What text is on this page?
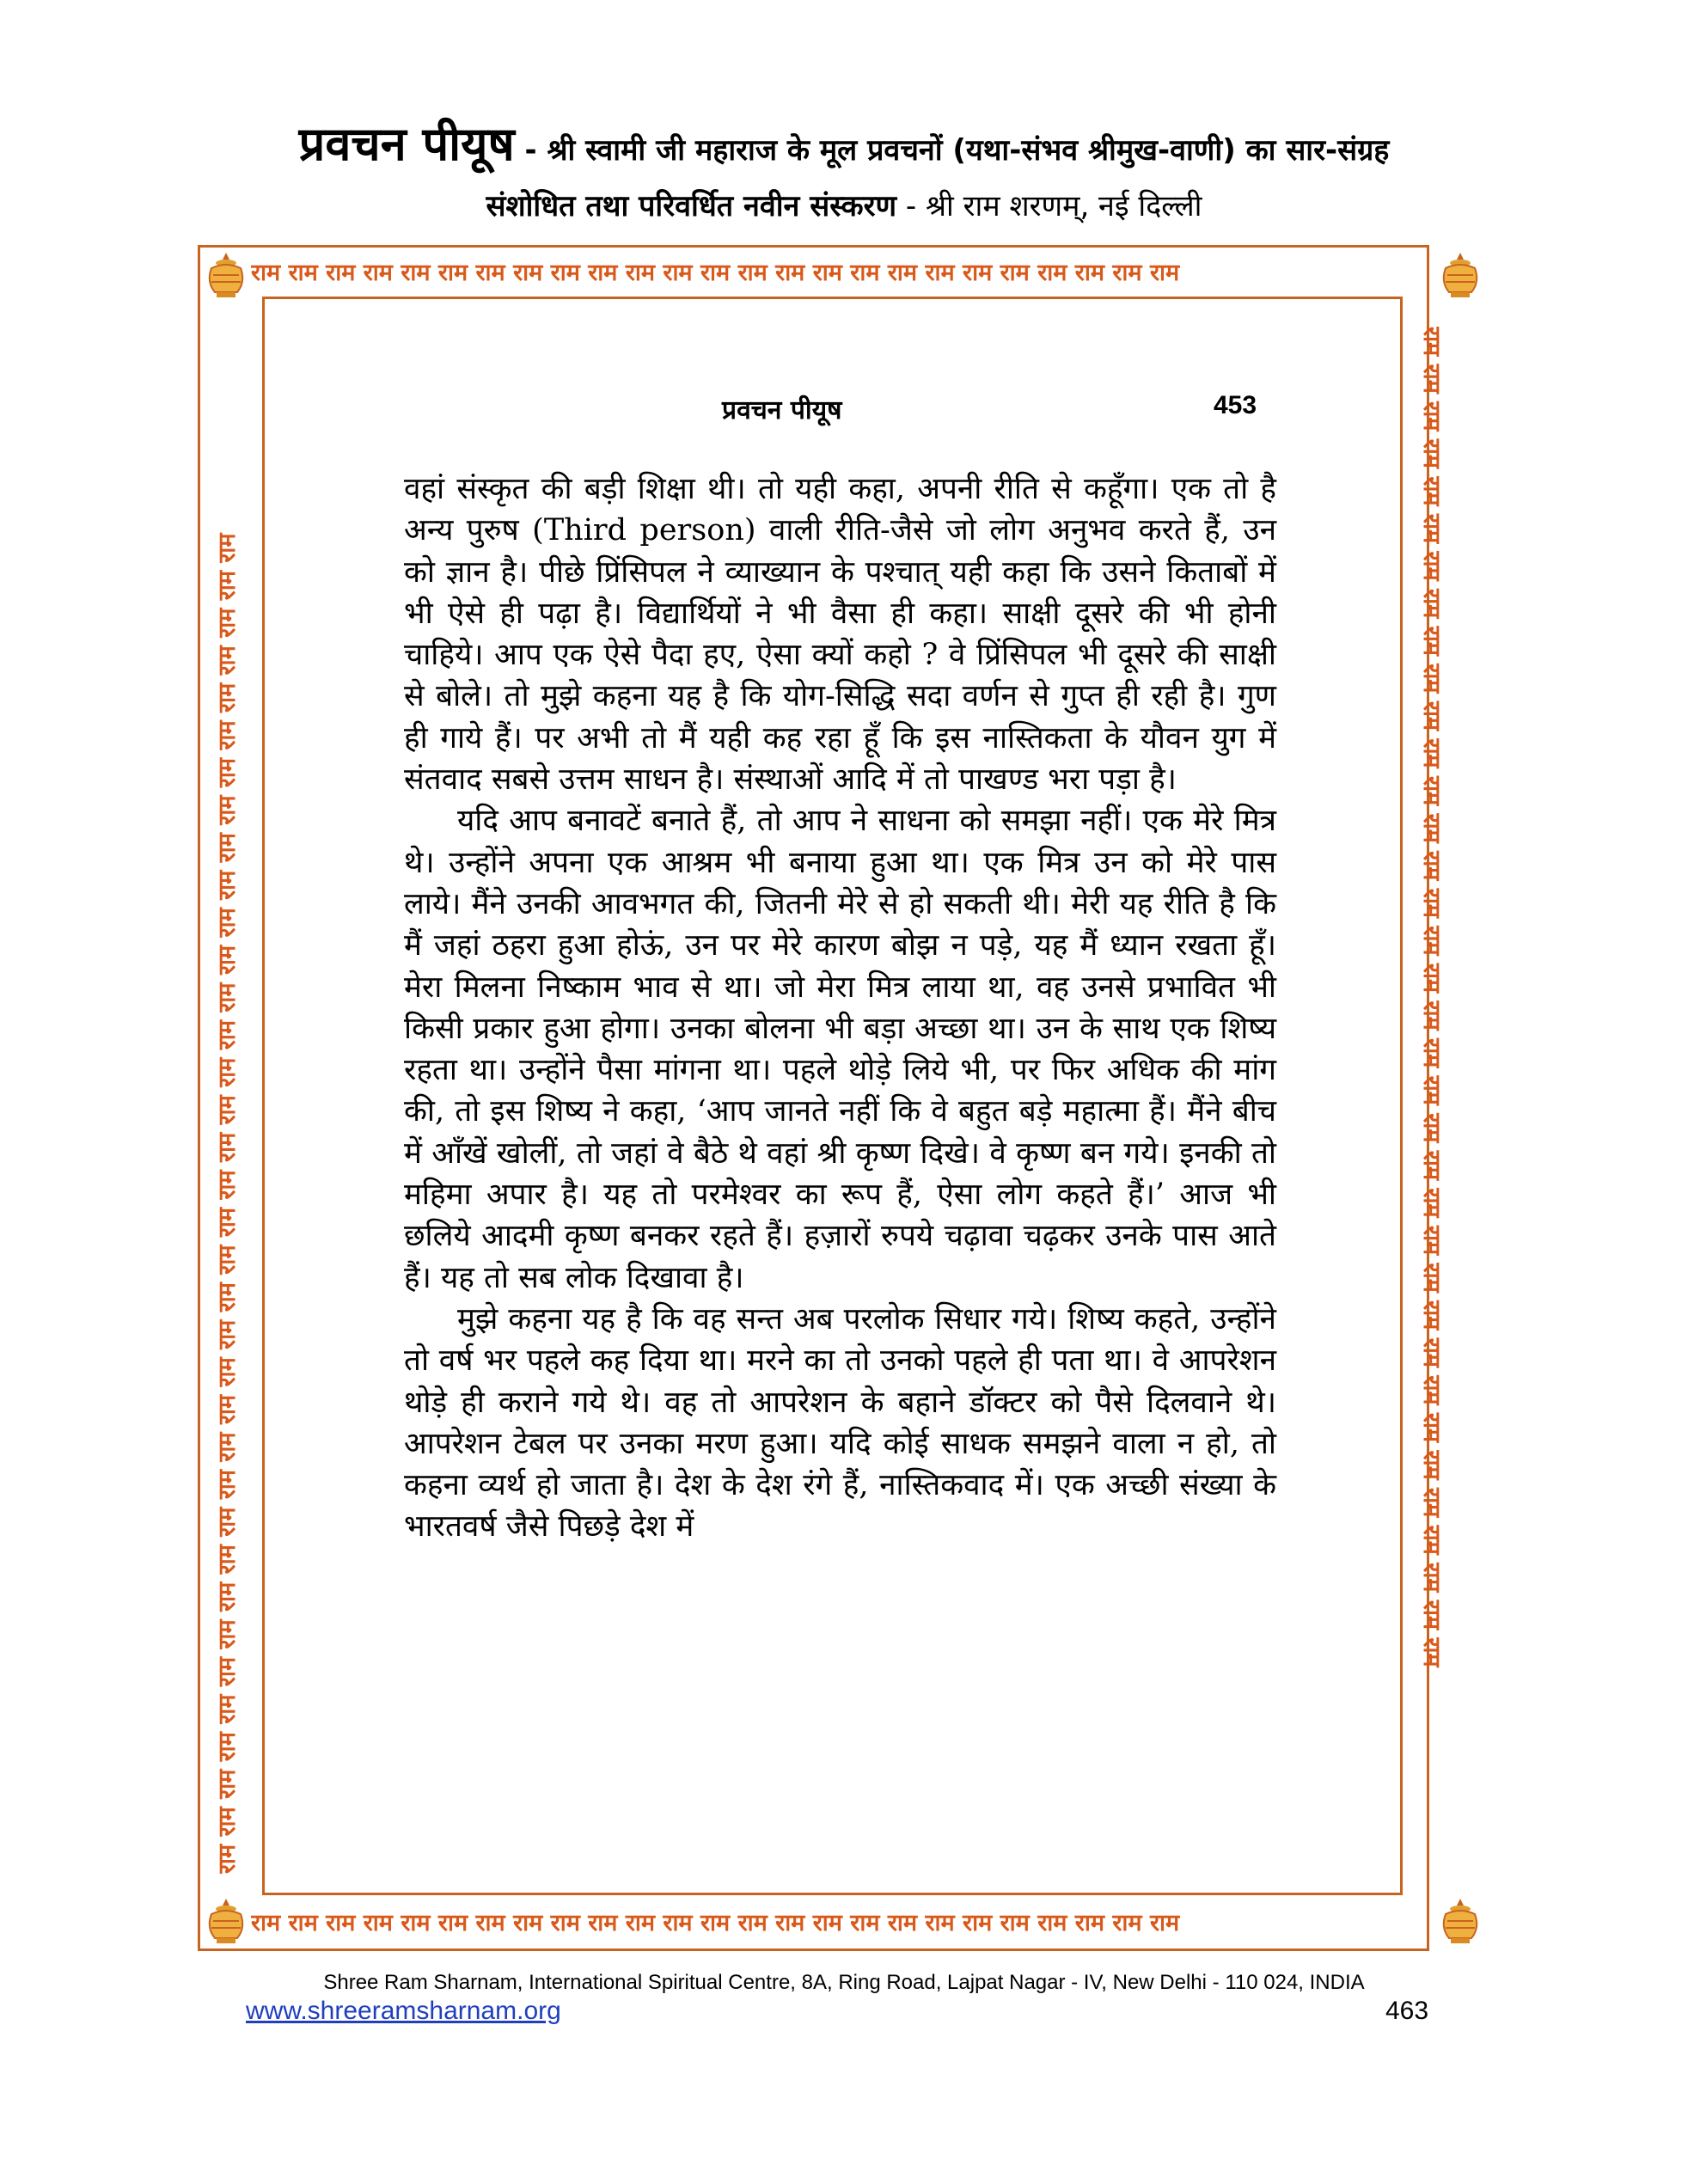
प्रवचन पीयूष - श्री स्वामी जी महाराज के मूल प्रवचनों (यथा-संभव श्रीमुख-वाणी) का सार-संग्रह
संशोधित तथा परिवर्धित नवीन संस्करण - श्री राम शरणम्, नई दिल्ली
राम राम राम राम राम राम राम राम राम राम राम राम राम राम राम राम राम राम राम राम राम राम राम राम राम
राम राम राम राम राम राम राम राम राम राम राम राम राम राम राम राम राम राम राम राम राम राम राम राम राम
राम राम राम राम राम राम राम राम राम राम राम राम राम राम राम राम राम राम राम राम राम राम राम राम राम राम राम राम राम राम राम राम राम राम राम राम	राम राम राम राम राम राम राम राम राम राम राम राम राम राम राम राम राम राम राम राम राम राम राम राम राम राम राम राम राम राम राम राम राम राम राम राम
प्रवचन पीयूष	453

वहां संस्कृत की बड़ी शिक्षा थी। तो यही कहा, अपनी रीति से कहूँगा। एक तो है अन्य पुरुष (Third person) वाली रीति-जैसे जो लोग अनुभव करते हैं, उन को ज्ञान है। पीछे प्रिंसिपल ने व्याख्यान के पश्चात् यही कहा कि उसने किताबों में भी ऐसे ही पढ़ा है। विद्यार्थियों ने भी वैसा ही कहा। साक्षी दूसरे की भी होनी चाहिये। आप एक ऐसे पैदा हए, ऐसा क्यों कहो ? वे प्रिंसिपल भी दूसरे की साक्षी से बोले। तो मुझे कहना यह है कि योग-सिद्धि सदा वर्णन से गुप्त ही रही है। गुण ही गाये हैं। पर अभी तो मैं यही कह रहा हूँ कि इस नास्तिकता के यौवन युग में संतवाद सबसे उत्तम साधन है। संस्थाओं आदि में तो पाखण्ड भरा पड़ा है।

यदि आप बनावटें बनाते हैं, तो आप ने साधना को समझा नहीं। एक मेरे मित्र थे। उन्होंने अपना एक आश्रम भी बनाया हुआ था। एक मित्र उन को मेरे पास लाये। मैंने उनकी आवभगत की, जितनी मेरे से हो सकती थी। मेरी यह रीति है कि मैं जहां ठहरा हुआ होऊं, उन पर मेरे कारण बोझ न पड़े, यह मैं ध्यान रखता हूँ। मेरा मिलना निष्काम भाव से था। जो मेरा मित्र लाया था, वह उनसे प्रभावित भी किसी प्रकार हुआ होगा। उनका बोलना भी बड़ा अच्छा था। उन के साथ एक शिष्य रहता था। उन्होंने पैसा मांगना था। पहले थोड़े लिये भी, पर फिर अधिक की मांग की, तो इस शिष्य ने कहा, ‘आप जानते नहीं कि वे बहुत बड़े महात्मा हैं। मैंने बीच में आँखें खोलीं, तो जहां वे बैठे थे वहां श्री कृष्ण दिखे। वे कृष्ण बन गये। इनकी तो महिमा अपार है। यह तो परमेश्वर का रूप हैं, ऐसा लोग कहते हैं।’ आज भी छलिये आदमी कृष्ण बनकर रहते हैं। हज़ारों रुपये चढ़ावा चढ़कर उनके पास आते हैं। यह तो सब लोक दिखावा है।

मुझे कहना यह है कि वह सन्त अब परलोक सिधार गये। शिष्य कहते, उन्होंने तो वर्ष भर पहले कह दिया था। मरने का तो उनको पहले ही पता था। वे आपरेशन थोड़े ही कराने गये थे। वह तो आपरेशन के बहाने डॉक्टर को पैसे दिलवाने थे। आपरेशन टेबल पर उनका मरण हुआ। यदि कोई साधक समझने वाला न हो, तो कहना व्यर्थ हो जाता है। देश के देश रंगे हैं, नास्तिकवाद में। एक अच्छी संख्या के भारतवर्ष जैसे पिछड़े देश में

Shree Ram Sharnam, International Spiritual Centre, 8A, Ring Road, Lajpat Nagar - IV, New Delhi - 110 024, INDIA
www.shreeramsharnam.org	463
